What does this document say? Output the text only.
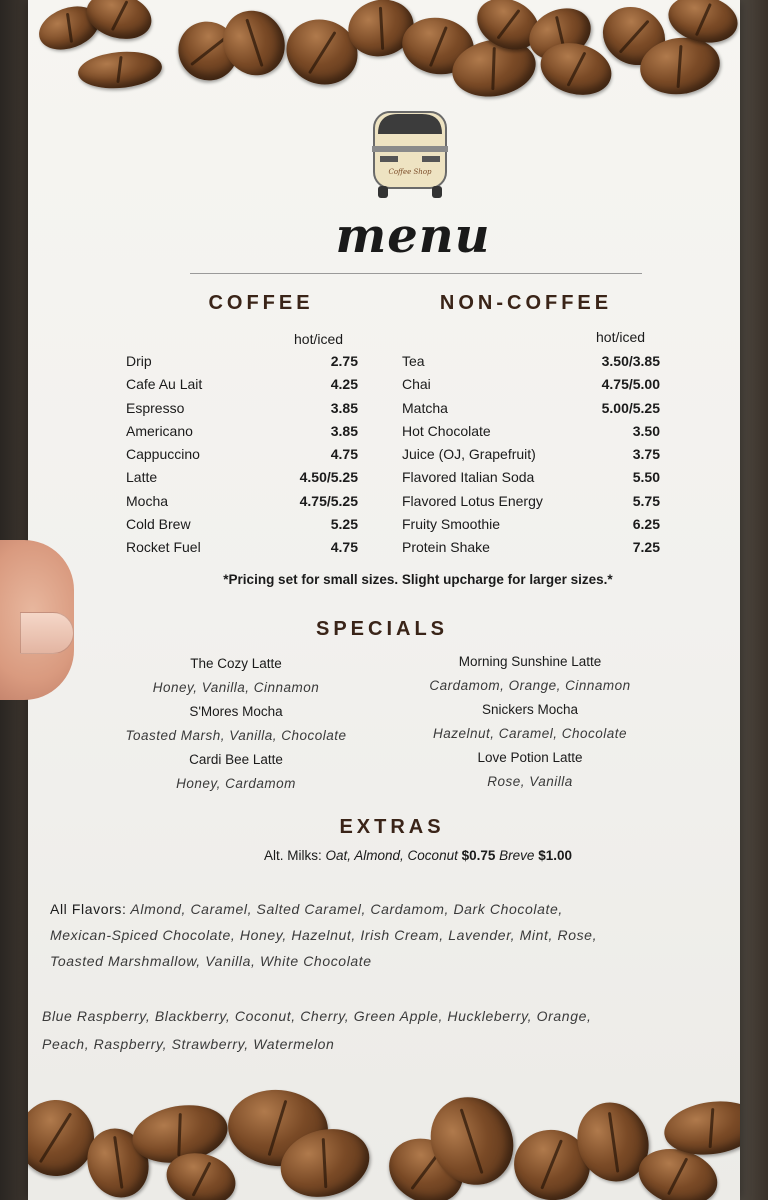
Coffee Shop
menu
COFFEE	NON-COFFEE
hot/iced	hot/iced
Drip	2.75
Cafe Au Lait	4.25
Espresso	3.85
Americano	3.85
Cappuccino	4.75
Latte	4.50/5.25
Mocha	4.75/5.25
Cold Brew	5.25
Rocket Fuel	4.75
Tea	3.50/3.85
Chai	4.75/5.00
Matcha	5.00/5.25
Hot Chocolate	3.50
Juice (OJ, Grapefruit)	3.75
Flavored Italian Soda	5.50
Flavored Lotus Energy	5.75
Fruity Smoothie	6.25
Protein Shake	7.25
*Pricing set for small sizes. Slight upcharge for larger sizes.*
SPECIALS
The Cozy Latte
Honey, Vanilla, Cinnamon
S'Mores Mocha
Toasted Marsh, Vanilla, Chocolate
Cardi Bee Latte
Honey, Cardamom
Morning Sunshine Latte
Cardamom, Orange, Cinnamon
Snickers Mocha
Hazelnut, Caramel, Chocolate
Love Potion Latte
Rose, Vanilla
EXTRAS
Alt. Milks: Oat, Almond, Coconut $0.75 Breve $1.00
All Flavors: Almond, Caramel, Salted Caramel, Cardamom, Dark Chocolate,
Mexican-Spiced Chocolate, Honey, Hazelnut, Irish Cream, Lavender, Mint, Rose,
Toasted Marshmallow, Vanilla, White Chocolate
Blue Raspberry, Blackberry, Coconut, Cherry, Green Apple, Huckleberry, Orange,
Peach, Raspberry, Strawberry, Watermelon
